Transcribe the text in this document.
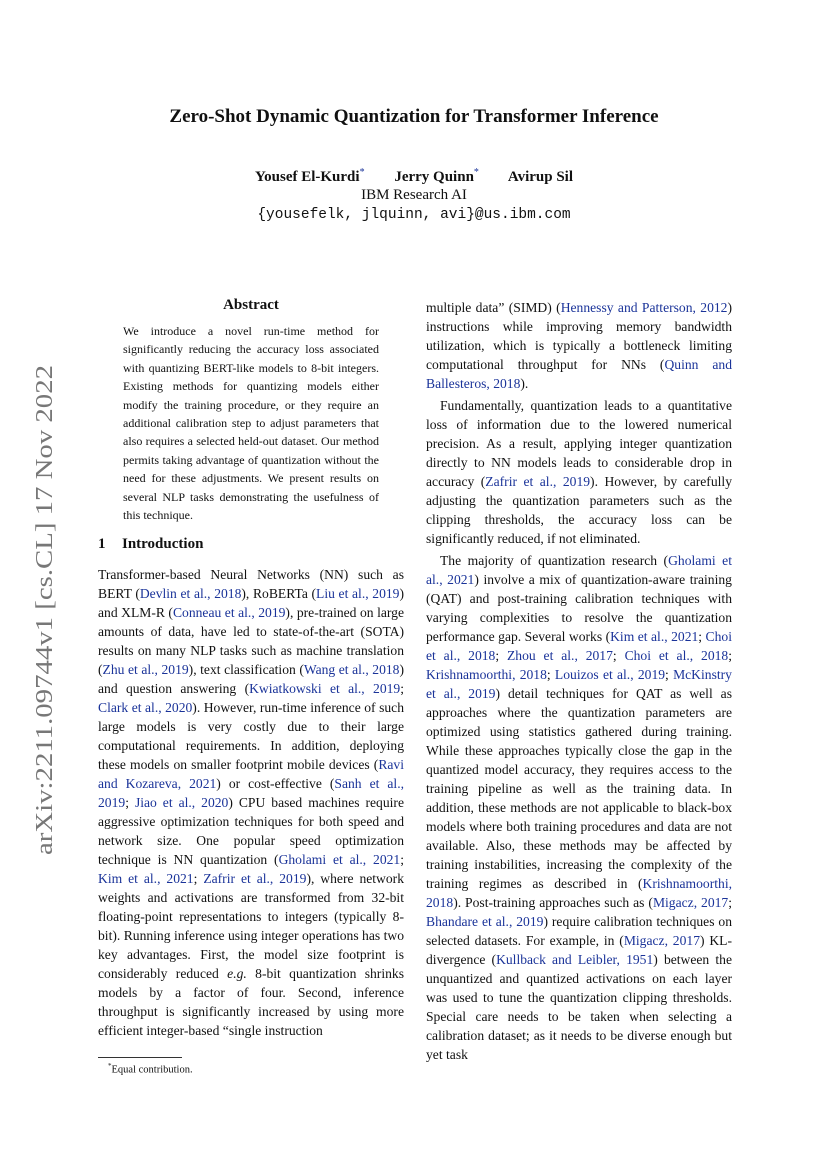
arXiv:2211.09744v1 [cs.CL] 17 Nov 2022
Zero-Shot Dynamic Quantization for Transformer Inference
Yousef El-Kurdi* Jerry Quinn* Avirup Sil
IBM Research AI
{yousefelk, jlquinn, avi}@us.ibm.com
Abstract
We introduce a novel run-time method for significantly reducing the accuracy loss associated with quantizing BERT-like models to 8-bit integers. Existing methods for quantizing models either modify the training procedure, or they require an additional calibration step to adjust parameters that also requires a selected held-out dataset. Our method permits taking advantage of quantization without the need for these adjustments. We present results on several NLP tasks demonstrating the usefulness of this technique.
1 Introduction

Transformer-based Neural Networks (NN) such as BERT (Devlin et al., 2018), RoBERTa (Liu et al., 2019) and XLM-R (Conneau et al., 2019), pre-trained on large amounts of data, have led to state-of-the-art (SOTA) results on many NLP tasks such as machine translation (Zhu et al., 2019), text classification (Wang et al., 2018) and question answering (Kwiatkowski et al., 2019; Clark et al., 2020). However, run-time inference of such large models is very costly due to their large computational requirements. In addition, deploying these models on smaller footprint mobile devices (Ravi and Kozareva, 2021) or cost-effective (Sanh et al., 2019; Jiao et al., 2020) CPU based machines require aggressive optimization techniques for both speed and network size. One popular speed optimization technique is NN quantization (Gholami et al., 2021; Kim et al., 2021; Zafrir et al., 2019), where network weights and activations are transformed from 32-bit floating-point representations to integers (typically 8-bit). Running inference using integer operations has two key advantages. First, the model size footprint is considerably reduced e.g. 8-bit quantization shrinks models by a factor of four. Second, inference throughput is significantly increased by using more efficient integer-based “single instruction

multiple data” (SIMD) (Hennessy and Patterson, 2012) instructions while improving memory bandwidth utilization, which is typically a bottleneck limiting computational throughput for NNs (Quinn and Ballesteros, 2018).

Fundamentally, quantization leads to a quantitative loss of information due to the lowered numerical precision. As a result, applying integer quantization directly to NN models leads to considerable drop in accuracy (Zafrir et al., 2019). However, by carefully adjusting the quantization parameters such as the clipping thresholds, the accuracy loss can be significantly reduced, if not eliminated.

The majority of quantization research (Gholami et al., 2021) involve a mix of quantization-aware training (QAT) and post-training calibration techniques with varying complexities to resolve the quantization performance gap. Several works (Kim et al., 2021; Choi et al., 2018; Zhou et al., 2017; Choi et al., 2018; Krishnamoorthi, 2018; Louizos et al., 2019; McKinstry et al., 2019) detail techniques for QAT as well as approaches where the quantization parameters are optimized using statistics gathered during training. While these approaches typically close the gap in the quantized model accuracy, they requires access to the training pipeline as well as the training data. In addition, these methods are not applicable to black-box models where both training procedures and data are not available. Also, these methods may be affected by training instabilities, increasing the complexity of the training regimes as described in (Krishnamoorthi, 2018). Post-training approaches such as (Migacz, 2017; Bhandare et al., 2019) require calibration techniques on selected datasets. For example, in (Migacz, 2017) KL-divergence (Kullback and Leibler, 1951) between the unquantized and quantized activations on each layer was used to tune the quantization clipping thresholds. Special care needs to be taken when selecting a calibration dataset; as it needs to be diverse enough but yet task

*Equal contribution.
